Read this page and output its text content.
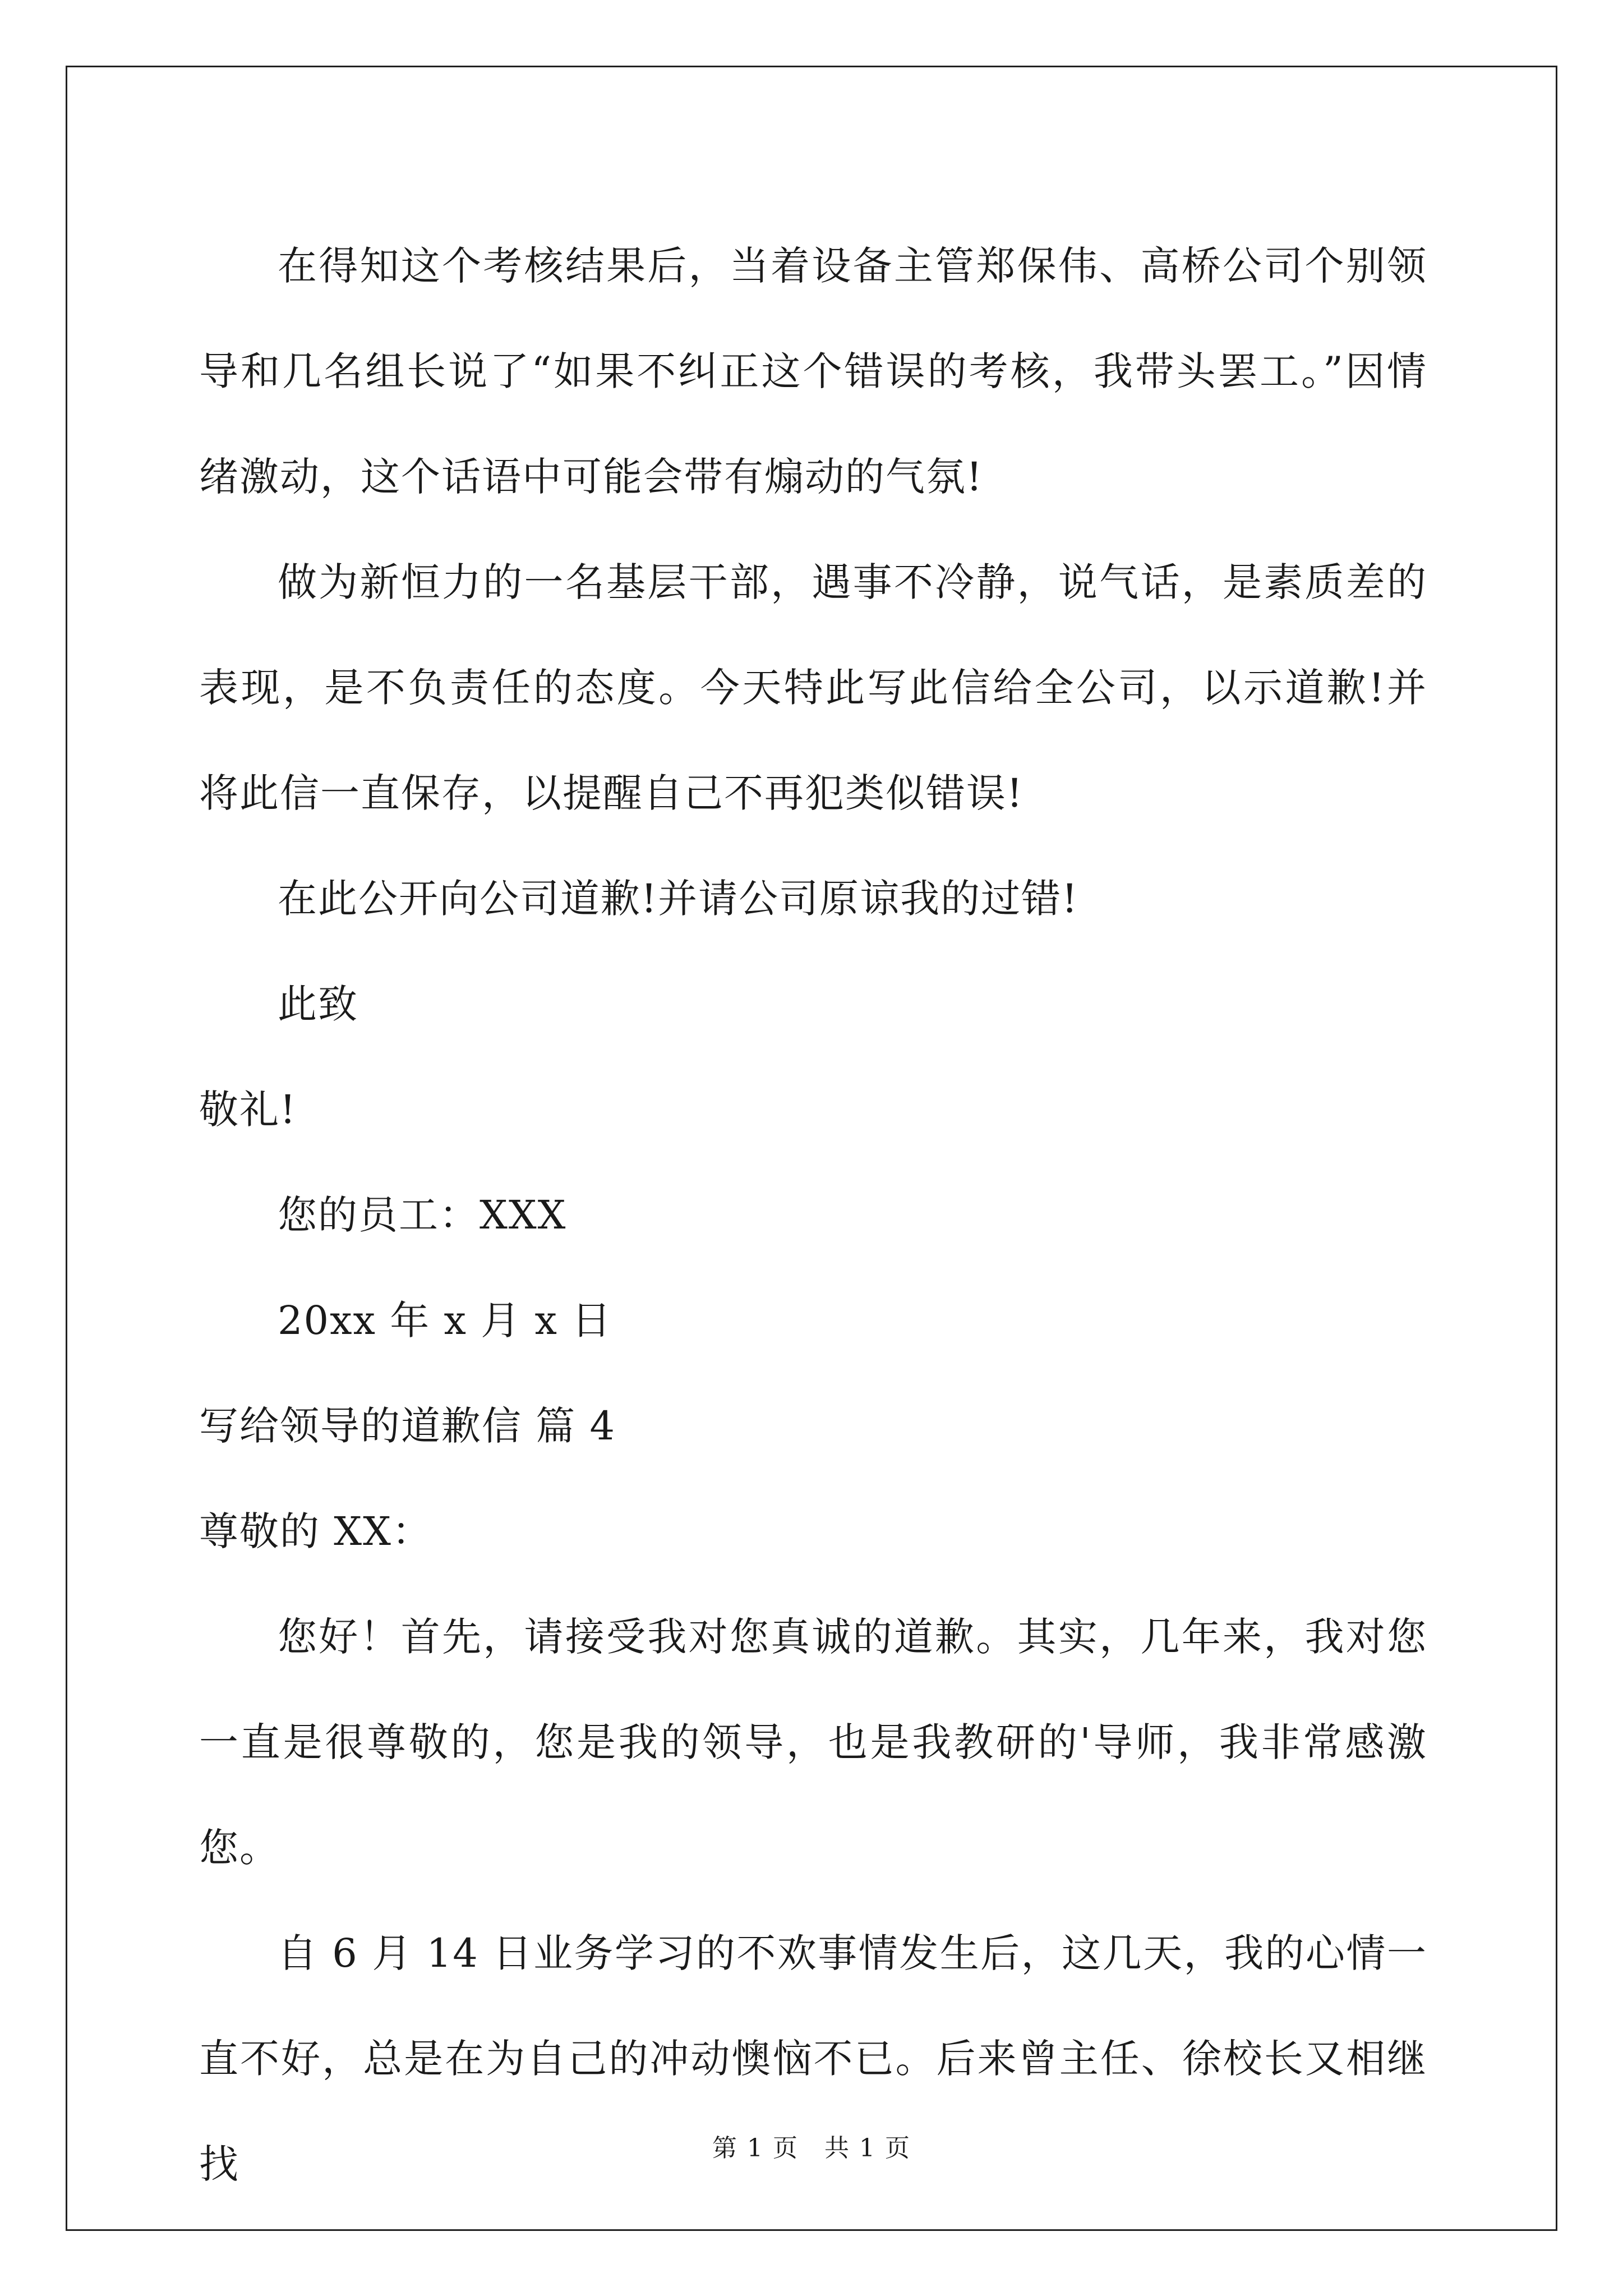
在得知这个考核结果后，当着设备主管郑保伟、高桥公司个别领导和几名组长说了“如果不纠正这个错误的考核，我带头罢工。”因情绪激动，这个话语中可能会带有煽动的气氛!

做为新恒力的一名基层干部，遇事不冷静，说气话，是素质差的表现，是不负责任的态度。今天特此写此信给全公司，以示道歉!并将此信一直保存，以提醒自己不再犯类似错误!

在此公开向公司道歉!并请公司原谅我的过错!

此致

敬礼!

您的员工：XXX

20xx 年 x 月 x 日

写给领导的道歉信 篇 4

尊敬的 XX：

您好！首先，请接受我对您真诚的道歉。其实，几年来，我对您一直是很尊敬的，您是我的领导，也是我教研的'导师，我非常感激您。

自 6 月 14 日业务学习的不欢事情发生后，这几天，我的心情一直不好，总是在为自己的冲动懊恼不已。后来曾主任、徐校长又相继找	第 1 页　共 1 页
